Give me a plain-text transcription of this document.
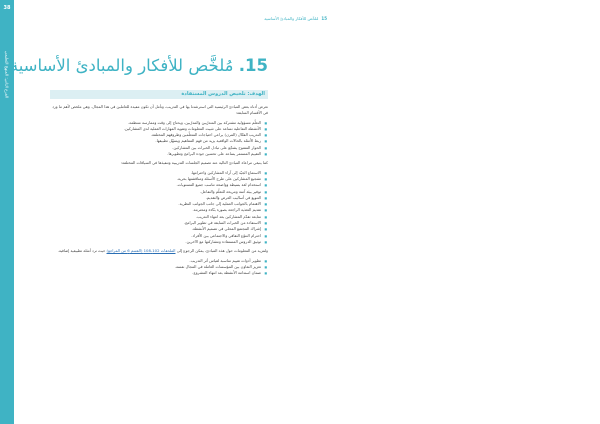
38
الفرع الثاني: المنهج التعليمي
15مُلخّص للأفكار والمبادئ الأساسية
15. مُلخَّص للأفكار والمبادئ الأساسية
الهدف: تلخيص الدروس المستفادة

نعرض أدناه بعض المبادئ الرئيسية التي استرشدنا بها في التدريب، ونأمل أن تكون مفيدة للعاملين في هذا المجال. وهي ملخص لأهم ما ورد في الأقسام السابقة:

■ التعلّم مسؤولية مشتركة بين المتدرّبين والمدرّبين، ويحتاج إلى وقت وممارسة منتظمة.
■ الأنشطة التفاعلية تساعد على تثبيت المعلومات وتقوية المهارات العملية لدى المشاركين.
■ التدريب الفعّال (المرن) يراعي احتياجات المتعلّمين وظروفهم المختلفة.
■ ربط الأمثلة بالحالات الواقعية يزيد من فهم المفاهيم ويسهّل تطبيقها.
■ الحوار المفتوح يشجّع على تبادل الخبرات بين المشاركين.
■ التقييم المستمر يساعد على تحسين جودة البرامج وتطويرها.

كما ينبغي مراعاة المبادئ التالية عند تصميم الجلسات التدريبية وتنفيذها في السياقات المختلفة:

■ الاستماع الجيّد إلى آراء المشاركين واحترامها.
■ تشجيع المشاركين على طرح الأسئلة ومناقشتها بحرية.
■ استخدام لغة بسيطة وواضحة تناسب جميع المستويات.
■ توفير بيئة آمنة ومريحة للتعلّم والتفاعل.
■ التنويع في أساليب العرض والتقديم.
■ الاهتمام بالجوانب العملية إلى جانب الجوانب النظرية.
■ تقديم التغذية الراجعة بصورة بنّاءة ومحترمة.
■ متابعة تقدّم المشاركين بعد انتهاء التدريب.
■ الاستفادة من الخبرات السابقة في تطوير البرامج.
■ إشراك المجتمع المحلي في تصميم الأنشطة.
■ احترام التنوّع الثقافي والاجتماعي بين الأفراد.
■ توثيق الدروس المستفادة ومشاركتها مع الآخرين.

ولمزيد من المعلومات حول هذه المبادئ، يمكن الرجوع إلى الملحقات 102-108 (القسم 6 من المراجع) حيث ترد أمثلة تطبيقية إضافية.

■ تطوير أدوات تقييم مناسبة لقياس أثر التدريب.
■ تعزيز التعاون بين المؤسسات العاملة في المجال نفسه.
■ ضمان استدامة الأنشطة بعد انتهاء المشروع.
